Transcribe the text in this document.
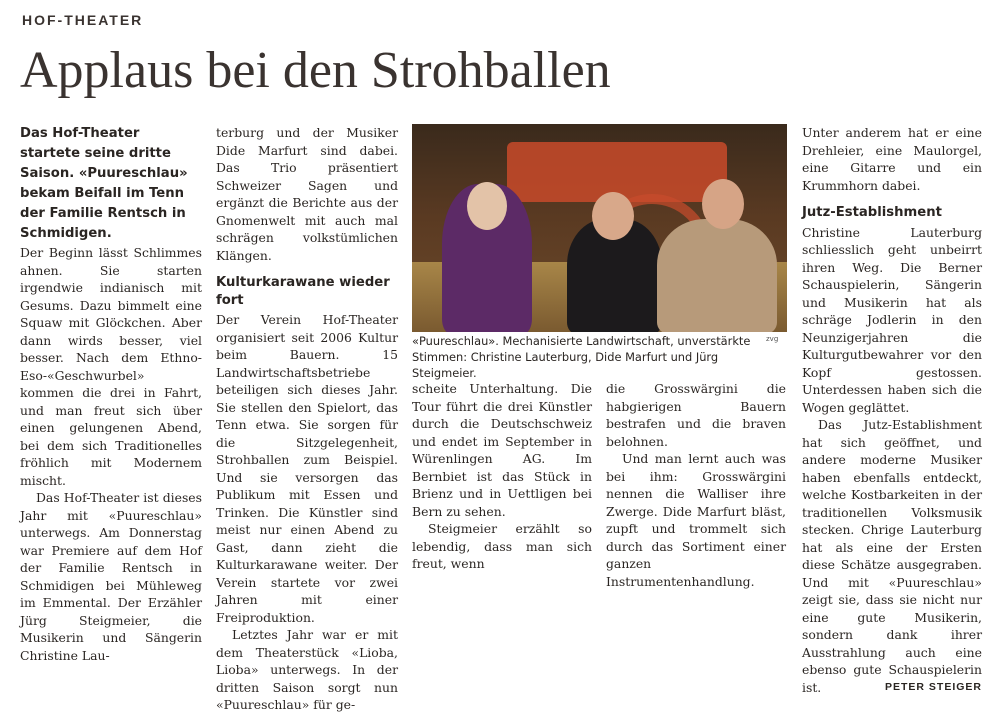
HOF-THEATER
Applaus bei den Strohballen

Das Hof-Theater startete seine dritte Saison. «Puureschlau» bekam Beifall im Tenn der Familie Rentsch in Schmidigen.

Der Beginn lässt Schlimmes ahnen. Sie starten irgendwie indianisch mit Gesums. Dazu bimmelt eine Squaw mit Glöckchen. Aber dann wirds besser, viel besser. Nach dem Ethno-Eso-«Geschwurbel» kommen die drei in Fahrt, und man freut sich über einen gelungenen Abend, bei dem sich Traditionelles fröhlich mit Modernem mischt.

Das Hof-Theater ist dieses Jahr mit «Puureschlau» unterwegs. Am Donnerstag war Premiere auf dem Hof der Familie Rentsch in Schmidigen bei Mühleweg im Emmental. Der Erzähler Jürg Steigmeier, die Musikerin und Sängerin Christine Lau-

terburg und der Musiker Dide Marfurt sind dabei. Das Trio präsentiert Schweizer Sagen und ergänzt die Berichte aus der Gnomenwelt mit auch mal schrägen volkstümlichen Klängen.

Kulturkarawane wieder fort

Der Verein Hof-Theater organisiert seit 2006 Kultur beim Bauern. 15 Landwirtschaftsbetriebe beteiligen sich dieses Jahr. Sie stellen den Spielort, das Tenn etwa. Sie sorgen für die Sitzgelegenheit, Strohballen zum Beispiel. Und sie versorgen das Publikum mit Essen und Trinken. Die Künstler sind meist nur einen Abend zu Gast, dann zieht die Kulturkarawane weiter. Der Verein startete vor zwei Jahren mit einer Freiproduktion.

Letztes Jahr war er mit dem Theaterstück «Lioba, Lioba» unterwegs. In der dritten Saison sorgt nun «Puureschlau» für ge-

zvg
«Puureschlau». Mechanisierte Landwirtschaft, unverstärkte Stimmen: Christine Lauterburg, Dide Marfurt und Jürg Steigmeier.

scheite Unterhaltung. Die Tour führt die drei Künstler durch die Deutschschweiz und endet im September in Würenlingen AG. Im Bernbiet ist das Stück in Brienz und in Uettligen bei Bern zu sehen.

Steigmeier erzählt so lebendig, dass man sich freut, wenn

die Grosswärgini die habgierigen Bauern bestrafen und die braven belohnen.

Und man lernt auch was bei ihm: Grosswärgini nennen die Walliser ihre Zwerge. Dide Marfurt bläst, zupft und trommelt sich durch das Sortiment einer ganzen Instrumentenhandlung.

Unter anderem hat er eine Drehleier, eine Maulorgel, eine Gitarre und ein Krummhorn dabei.

Jutz-Establishment

Christine Lauterburg schliesslich geht unbeirrt ihren Weg. Die Berner Schauspielerin, Sängerin und Musikerin hat als schräge Jodlerin in den Neunzigerjahren die Kulturgutbewahrer vor den Kopf gestossen. Unterdessen haben sich die Wogen geglättet.

Das Jutz-Establishment hat sich geöffnet, und andere moderne Musiker haben ebenfalls entdeckt, welche Kostbarkeiten in der traditionellen Volksmusik stecken. Chrige Lauterburg hat als eine der Ersten diese Schätze ausgegraben. Und mit «Puureschlau» zeigt sie, dass sie nicht nur eine gute Musikerin, sondern dank ihrer Ausstrahlung auch eine ebenso gute Schauspielerin ist.	PETER STEIGER
